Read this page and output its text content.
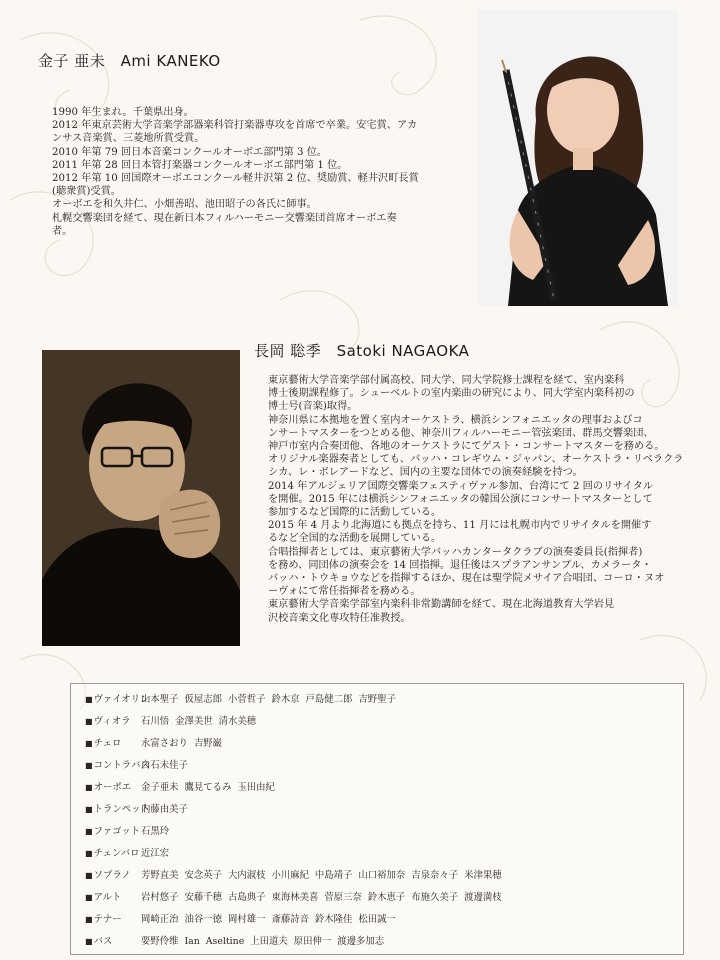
金子 亜未 Ami KANEKO

1990 年生まれ。千葉県出身。

2012 年東京芸術大学音楽学部器楽科管打楽器専攻を首席で卒業。安宅賞、アカ

ンサス音楽賞、三菱地所賞受賞。

2010 年第 79 回日本音楽コンクールオーボエ部門第 3 位。

2011 年第 28 回日本管打楽器コンクールオーボエ部門第 1 位。

2012 年第 10 回国際オーボエコンクール軽井沢第 2 位、奨励賞、軽井沢町長賞

(聴衆賞)受賞。

オーボエを和久井仁、小畑善昭、池田昭子の各氏に師事。

札幌交響楽団を経て、現在新日本フィルハーモニー交響楽団首席オーボエ奏

者。

長岡 聡季 Satoki NAGAOKA

東京藝術大学音楽学部付属高校、同大学、同大学院修士課程を経て、室内楽科

博士後期課程修了。シューベルトの室内楽曲の研究により、同大学室内楽科初の

博士号(音楽)取得。

神奈川県に本拠地を置く室内オーケストラ、横浜シンフォニエッタの理事およびコ

ンサートマスターをつとめる他、神奈川フィルハーモニー管弦楽団、群馬交響楽団、

神戸市室内合奏団他、各地のオーケストラにてゲスト・コンサートマスターを務める。

オリジナル楽器奏者としても、バッハ・コレギウム・ジャパン、オーケストラ・リベラクラ

シカ、レ・ボレアードなど、国内の主要な団体での演奏経験を持つ。

2014 年アルジェリア国際交響楽フェスティヴァル参加、台湾にて 2 回のリサイタル

を開催。2015 年には横浜シンフォニエッタの韓国公演にコンサートマスターとして

参加するなど国際的に活動している。

2015 年 4 月より北海道にも拠点を持ち、11 月には札幌市内でリサイタルを開催す

るなど全国的な活動を展開している。

合唱指揮者としては、東京藝術大学バッハカンタータクラブの演奏委員長(指揮者)

を務め、同団体の演奏会を 14 回指揮。退任後はスプラアンサンブル、カメラータ・

バッハ・トウキョウなどを指揮するほか、現在は聖学院メサイア合唱団、コーロ・ヌオ

ーヴォにて常任指揮者を務める。

東京藝術大学音楽学部室内楽科非常勤講師を経て、現在北海道教育大学岩見

沢校音楽文化専攻特任准教授。

■ ヴァイオリン山本聖子 仮屋志郎 小菅哲子 鈴木京 戸島健二郎 吉野聖子
■ ヴィオラ 石川悟 金澤美世 清水美穂
■ チェロ 永富さおり 吉野巌
■ コントラバス白石未佳子
■ オーボエ 金子亜未 鷹見てるみ 玉田由紀
■ トランペット内藤由美子
■ ファゴット石黒玲
■ チェンバロ 近江宏
■ ソプラノ 芳野直美 安念英子 大内淑枝 小川麻紀 中島靖子 山口裕加奈 吉泉奈々子 米津果穂
■ アルト 岩村悠子 安藤千穂 古島典子 東海林美喜 菅原三奈 鈴木恵子 布施久美子 渡邊満枝
■ テナー 岡崎正治 油谷一徳 岡村雄一 斎藤詩音 鈴木隆佳 松田誠一
■ バス	要野伶维 Ian Aseltine 上田道夫 原田伸一 渡邊多加志
